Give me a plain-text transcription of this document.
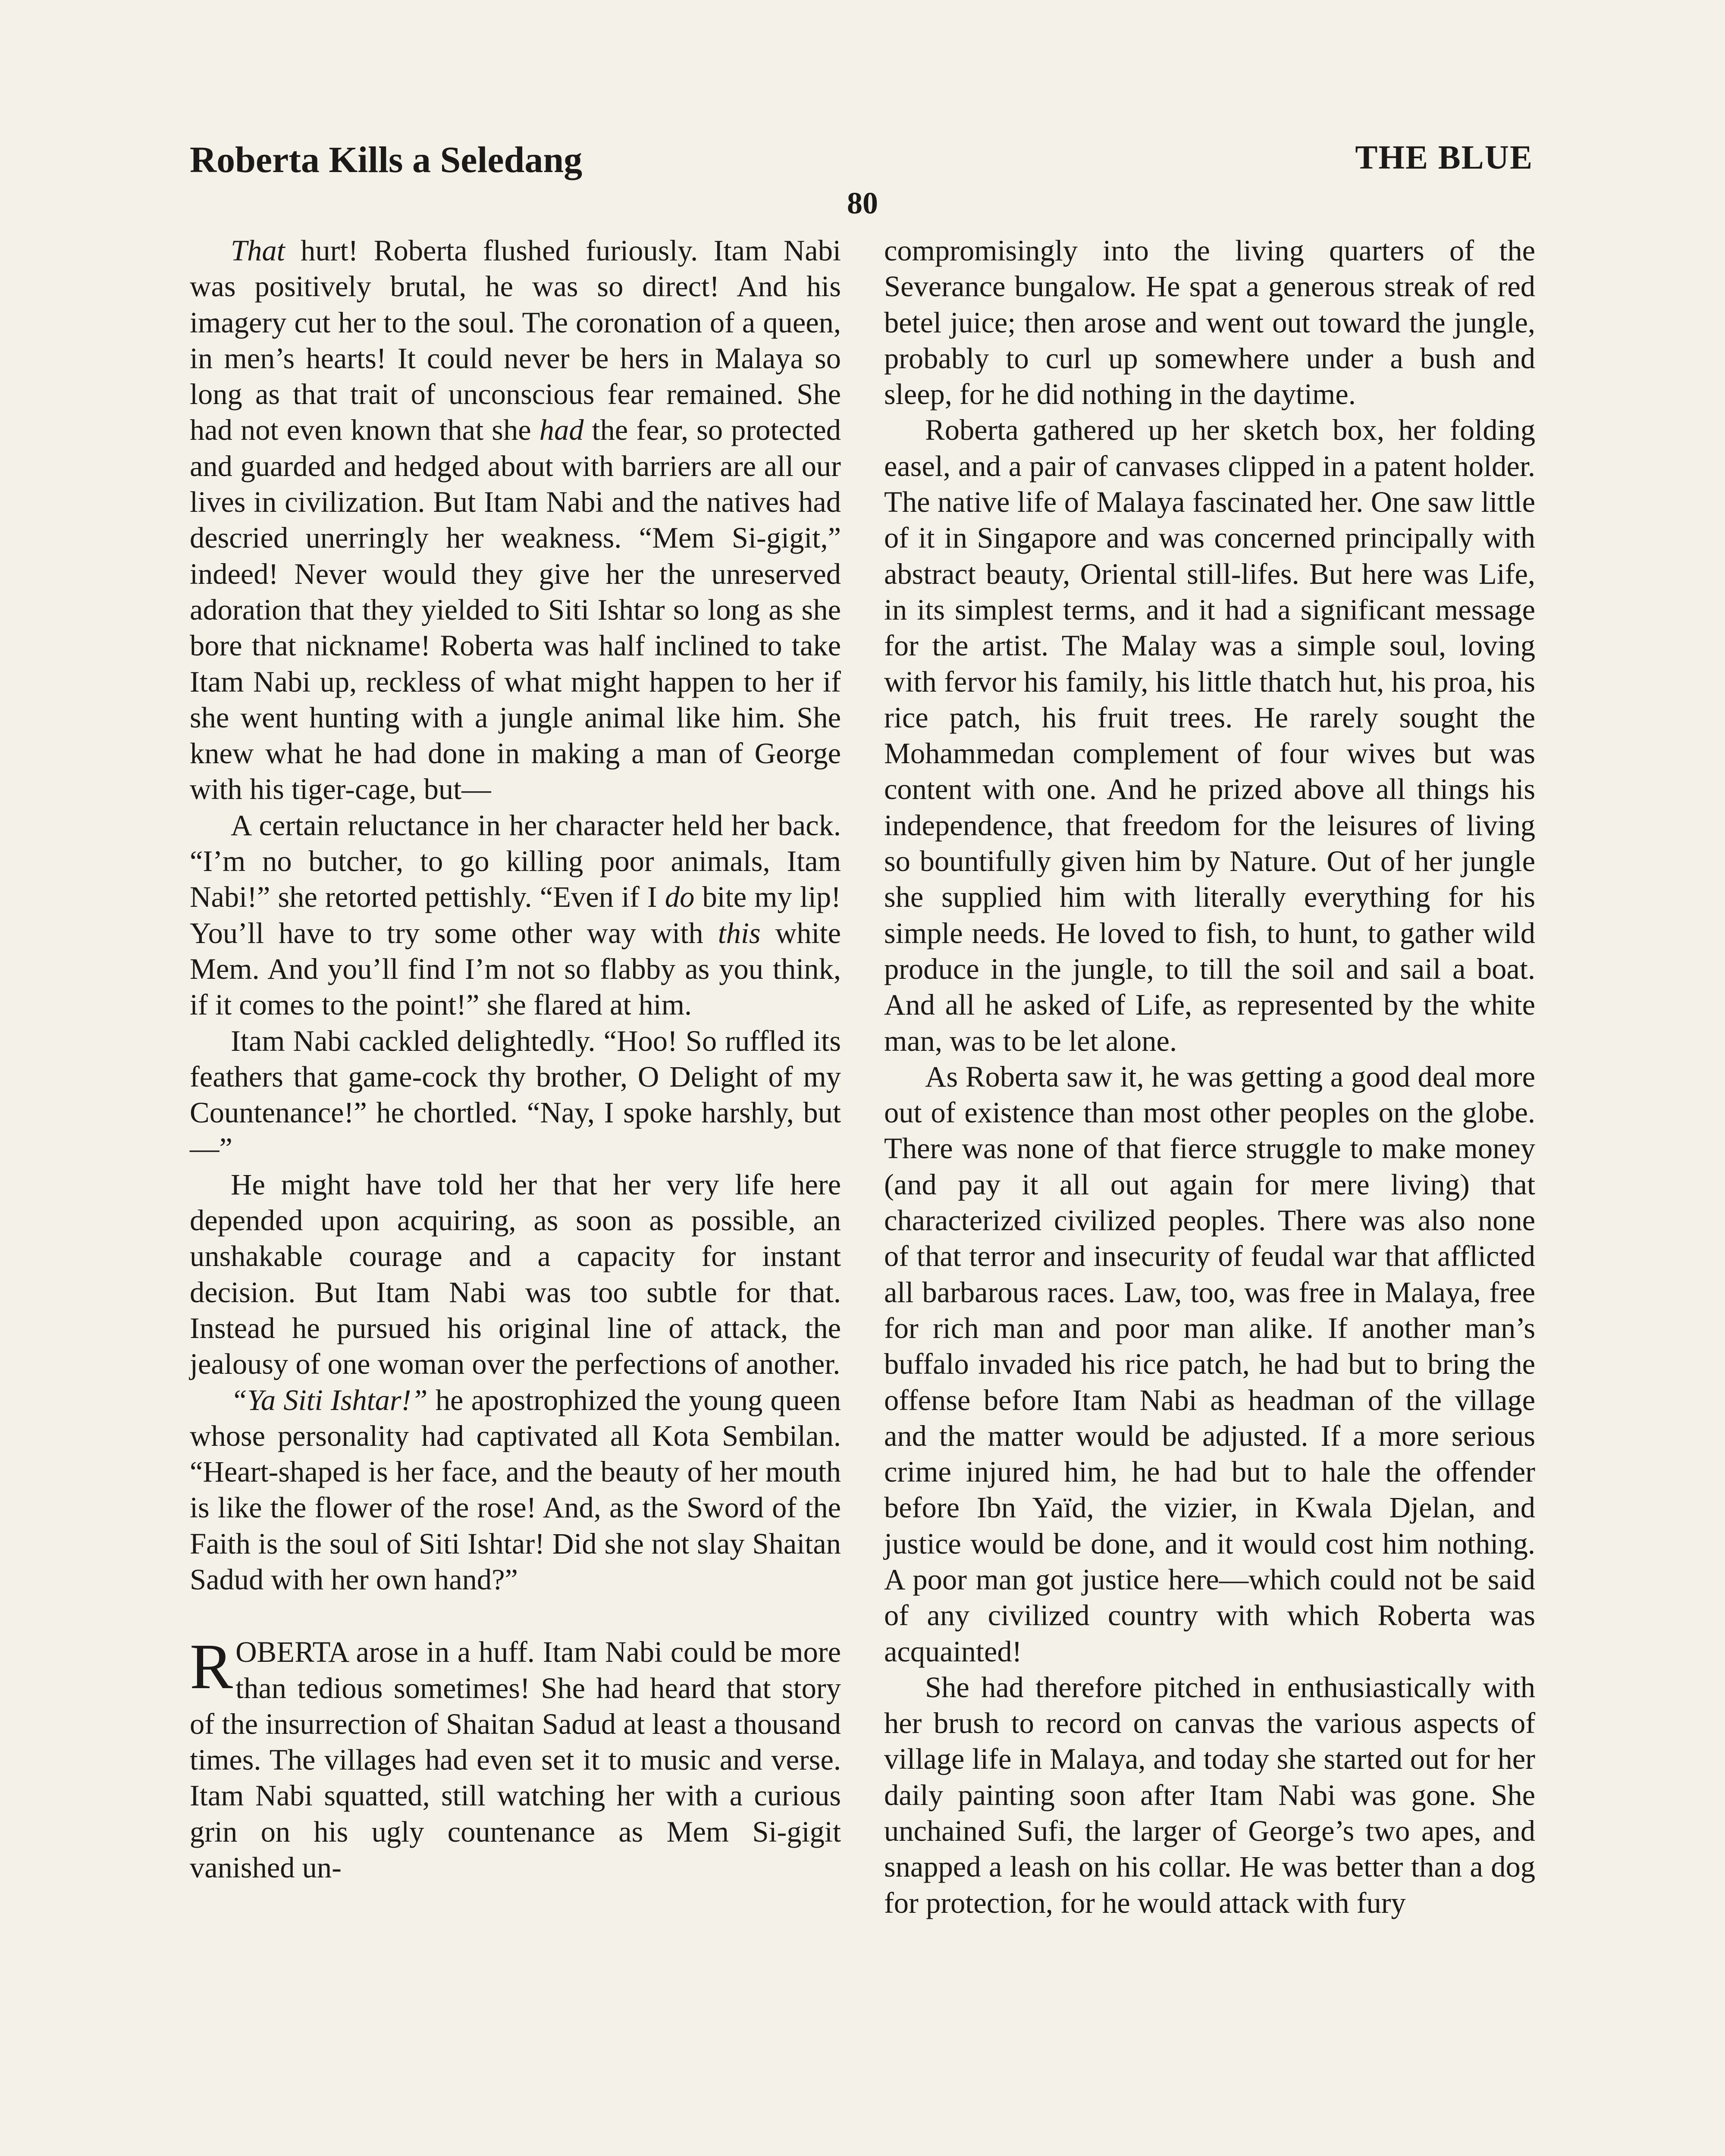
Roberta Kills a Seledang	THE BLUE
80

That hurt! Roberta flushed furiously. Itam Nabi was positively brutal, he was so direct! And his imagery cut her to the soul. The coronation of a queen, in men’s hearts! It could never be hers in Malaya so long as that trait of unconscious fear remained. She had not even known that she had the fear, so protected and guarded and hedged about with barriers are all our lives in civilization. But Itam Nabi and the natives had descried unerringly her weakness. “Mem Si-gigit,” indeed! Never would they give her the unreserved adoration that they yielded to Siti Ishtar so long as she bore that nickname! Roberta was half inclined to take Itam Nabi up, reckless of what might happen to her if she went hunting with a jungle animal like him. She knew what he had done in making a man of George with his tiger-cage, but—

A certain reluctance in her character held her back. “I’m no butcher, to go killing poor animals, Itam Nabi!” she retorted pettishly. “Even if I do bite my lip! You’ll have to try some other way with this white Mem. And you’ll find I’m not so flabby as you think, if it comes to the point!” she flared at him.

Itam Nabi cackled delightedly. “Hoo! So ruffled its feathers that game-cock thy brother, O Delight of my Countenance!” he chortled. “Nay, I spoke harshly, but—”

He might have told her that her very life here depended upon acquiring, as soon as possible, an unshakable courage and a capacity for instant decision. But Itam Nabi was too subtle for that. Instead he pursued his original line of attack, the jealousy of one woman over the perfections of another.

“Ya Siti Ishtar!” he apostrophized the young queen whose personality had captivated all Kota Sembilan. “Heart-shaped is her face, and the beauty of her mouth is like the flower of the rose! And, as the Sword of the Faith is the soul of Siti Ishtar! Did she not slay Shaitan Sadud with her own hand?”

ROBERTA arose in a huff. Itam Nabi could be more than tedious sometimes! She had heard that story of the insurrection of Shaitan Sadud at least a thousand times. The villages had even set it to music and verse. Itam Nabi squatted, still watching her with a curious grin on his ugly countenance as Mem Si-gigit vanished un-

compromisingly into the living quarters of the Severance bungalow. He spat a generous streak of red betel juice; then arose and went out toward the jungle, probably to curl up somewhere under a bush and sleep, for he did nothing in the daytime.

Roberta gathered up her sketch box, her folding easel, and a pair of canvases clipped in a patent holder. The native life of Malaya fascinated her. One saw little of it in Singapore and was concerned principally with abstract beauty, Oriental still-lifes. But here was Life, in its simplest terms, and it had a significant message for the artist. The Malay was a simple soul, loving with fervor his family, his little thatch hut, his proa, his rice patch, his fruit trees. He rarely sought the Mohammedan complement of four wives but was content with one. And he prized above all things his independence, that freedom for the leisures of living so bountifully given him by Nature. Out of her jungle she supplied him with literally everything for his simple needs. He loved to fish, to hunt, to gather wild produce in the jungle, to till the soil and sail a boat. And all he asked of Life, as represented by the white man, was to be let alone.

As Roberta saw it, he was getting a good deal more out of existence than most other peoples on the globe. There was none of that fierce struggle to make money (and pay it all out again for mere living) that characterized civilized peoples. There was also none of that terror and insecurity of feudal war that afflicted all barbarous races. Law, too, was free in Malaya, free for rich man and poor man alike. If another man’s buffalo invaded his rice patch, he had but to bring the offense before Itam Nabi as headman of the village and the matter would be adjusted. If a more serious crime injured him, he had but to hale the offender before Ibn Yaïd, the vizier, in Kwala Djelan, and justice would be done, and it would cost him nothing. A poor man got justice here—which could not be said of any civilized country with which Roberta was acquainted!

She had therefore pitched in enthusiastically with her brush to record on canvas the various aspects of village life in Malaya, and today she started out for her daily painting soon after Itam Nabi was gone. She unchained Sufi, the larger of George’s two apes, and snapped a leash on his collar. He was better than a dog for protection, for he would attack with fury
